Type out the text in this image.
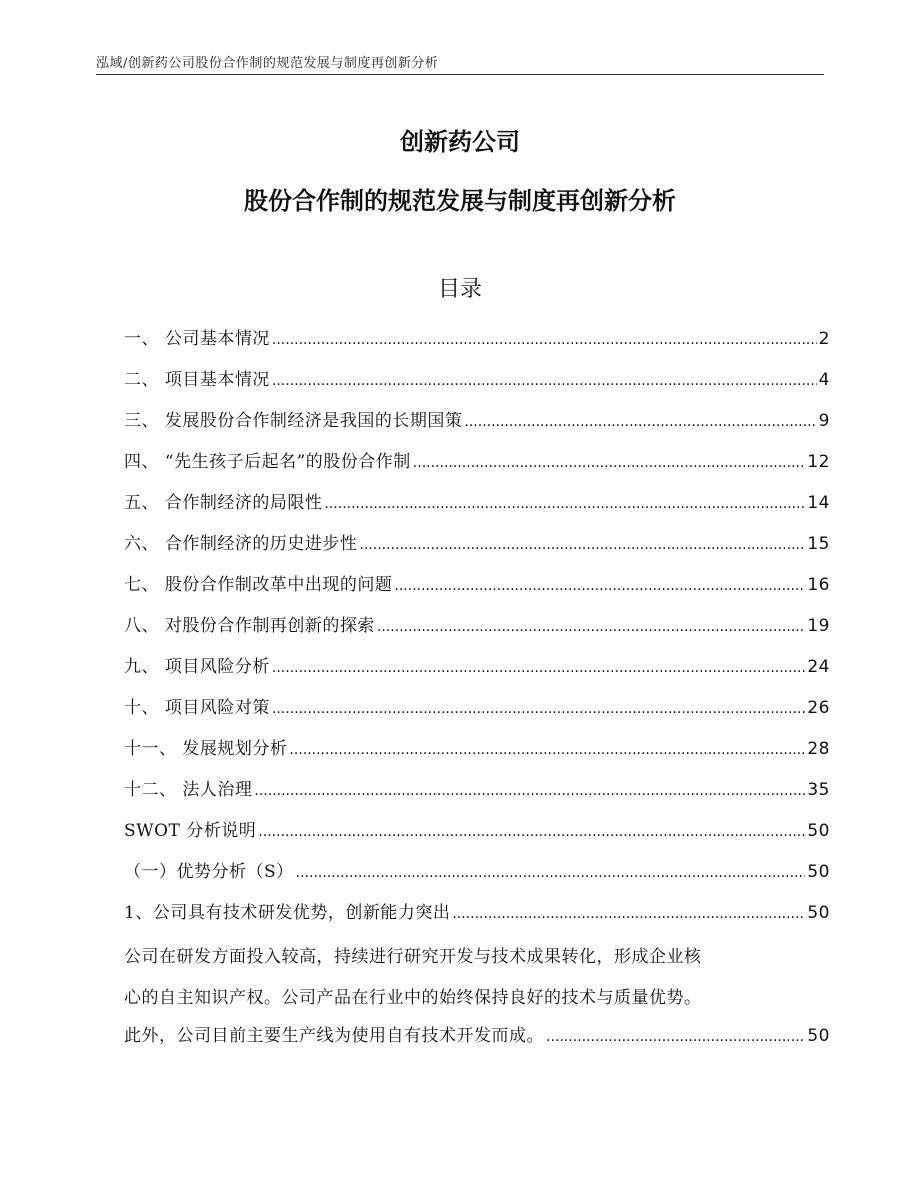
泓域/创新药公司股份合作制的规范发展与制度再创新分析
创新药公司
股份合作制的规范发展与制度再创新分析
目录
一、 公司基本情况 .....	2
二、 项目基本情况 .....	4
三、 发展股份合作制经济是我国的长期国策 .....	9
四、 “先生孩子后起名”的股份合作制 .....	12
五、 合作制经济的局限性 .....	14
六、 合作制经济的历史进步性 .....	15
七、 股份合作制改革中出现的问题 .....	16
八、 对股份合作制再创新的探索 .....	19
九、 项目风险分析 .....	24
十、 项目风险对策 .....	26
十一、 发展规划分析 .....	28
十二、 法人治理 .....	35
SWOT 分析说明 .....	50
（一）优势分析（S） .....	50
1、公司具有技术研发优势，创新能力突出 .....	50
公司在研发方面投入较高，持续进行研究开发与技术成果转化，形成企业核
心的自主知识产权。公司产品在行业中的始终保持良好的技术与质量优势。
此外，公司目前主要生产线为使用自有技术开发而成。 .....	50
